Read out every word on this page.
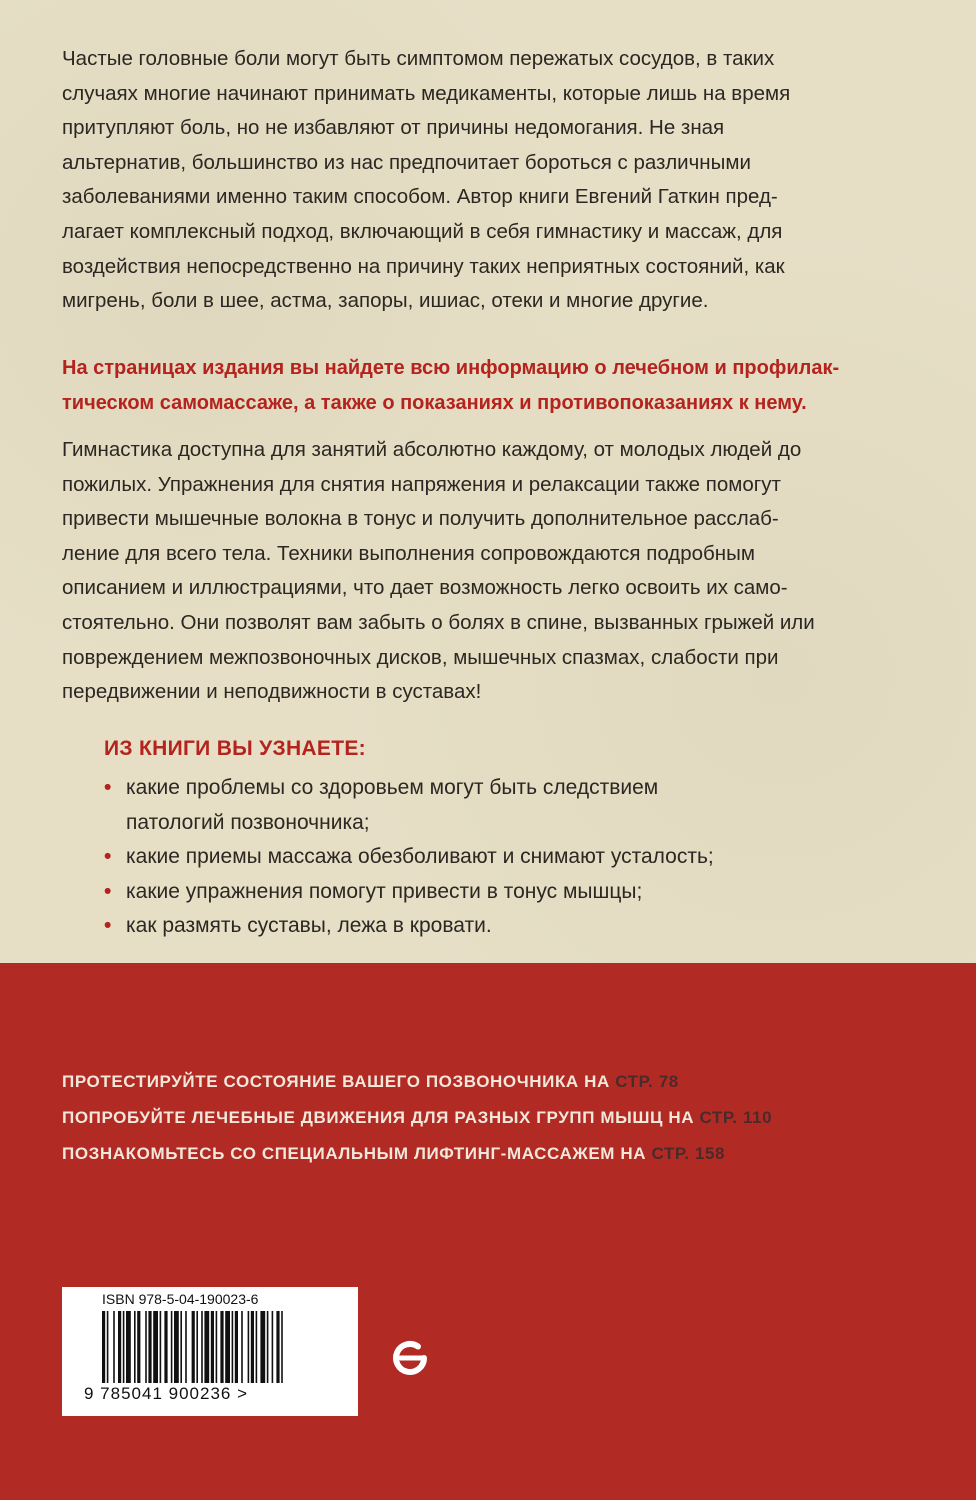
Частые головные боли могут быть симптомом пережатых сосудов, в таких
случаях многие начинают принимать медикаменты, которые лишь на время
притупляют боль, но не избавляют от причины недомогания. Не зная
альтернатив, большинство из нас предпочитает бороться с различными
заболеваниями именно таким способом. Автор книги Евгений Гаткин пред-
лагает комплексный подход, включающий в себя гимнастику и массаж, для
воздействия непосредственно на причину таких неприятных состояний, как
мигрень, боли в шее, астма, запоры, ишиас, отеки и многие другие.
На страницах издания вы найдете всю информацию о лечебном и профилак-
тическом самомассаже, а также о показаниях и противопоказаниях к нему.
Гимнастика доступна для занятий абсолютно каждому, от молодых людей до
пожилых. Упражнения для снятия напряжения и релаксации также помогут
привести мышечные волокна в тонус и получить дополнительное расслаб-
ление для всего тела. Техники выполнения сопровождаются подробным
описанием и иллюстрациями, что дает возможность легко освоить их само-
стоятельно. Они позволят вам забыть о болях в спине, вызванных грыжей или
повреждением межпозвоночных дисков, мышечных спазмах, слабости при
передвижении и неподвижности в суставах!
ИЗ КНИГИ ВЫ УЗНАЕТЕ:
• какие проблемы со здоровьем могут быть следствием
патологий позвоночника;
• какие приемы массажа обезболивают и снимают усталость;
• какие упражнения помогут привести в тонус мышцы;
• как размять суставы, лежа в кровати.
ПРОТЕСТИРУЙТЕ СОСТОЯНИЕ ВАШЕГО ПОЗВОНОЧНИКА НА СТР. 78
ПОПРОБУЙТЕ ЛЕЧЕБНЫЕ ДВИЖЕНИЯ ДЛЯ РАЗНЫХ ГРУПП МЫШЦ НА СТР. 110
ПОЗНАКОМЬТЕСЬ СО СПЕЦИАЛЬНЫМ ЛИФТИНГ-МАССАЖЕМ НА СТР. 158
ISBN 978-5-04-190023-6
9 785041 900236 >
